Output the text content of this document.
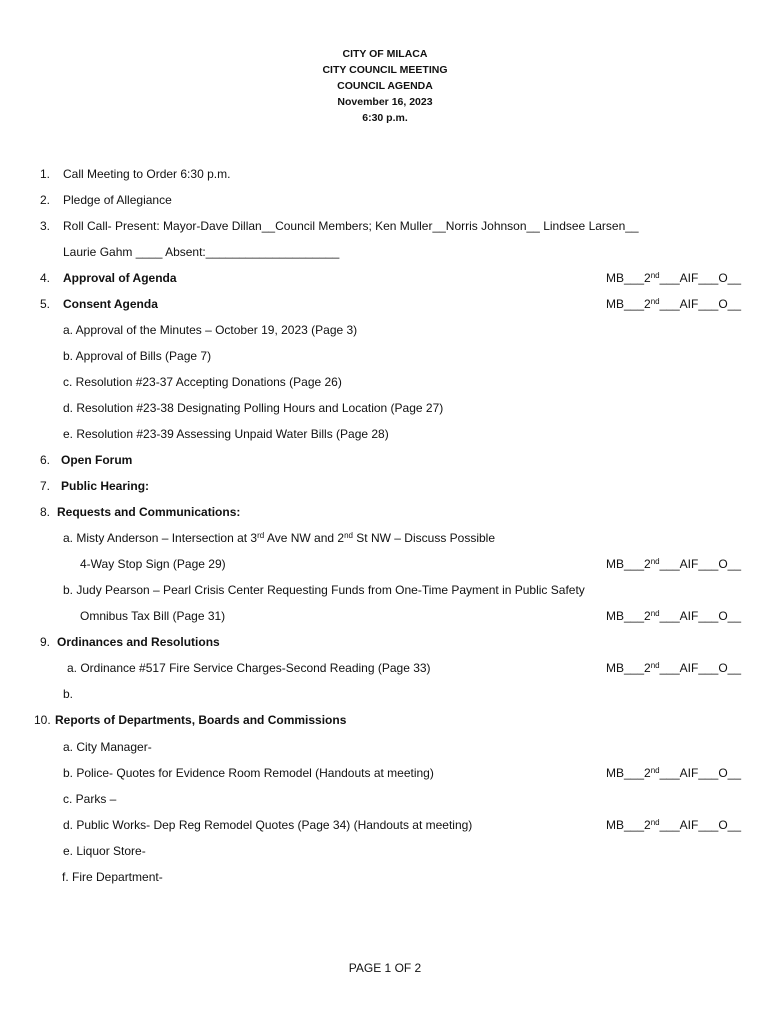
CITY OF MILACA
CITY COUNCIL MEETING
COUNCIL AGENDA
November 16, 2023
6:30 p.m.
1. Call Meeting to Order 6:30 p.m.
2. Pledge of Allegiance
3. Roll Call- Present: Mayor-Dave Dillan__Council Members; Ken Muller__Norris Johnson__ Lindsee Larsen__
Laurie Gahm ____ Absent:____________________
4. Approval of Agenda	MB___2nd___AIF___O__
5. Consent Agenda	MB___2nd___AIF___O__
a. Approval of the Minutes – October 19, 2023 (Page 3)
b. Approval of Bills (Page 7)
c. Resolution #23-37 Accepting Donations (Page 26)
d. Resolution #23-38 Designating Polling Hours and Location (Page 27)
e. Resolution #23-39 Assessing Unpaid Water Bills (Page 28)
6. Open Forum
7. Public Hearing:
8. Requests and Communications:
a. Misty Anderson – Intersection at 3rd Ave NW and 2nd St NW – Discuss Possible
4-Way Stop Sign (Page 29)	MB___2nd___AIF___O__
b. Judy Pearson – Pearl Crisis Center Requesting Funds from One-Time Payment in Public Safety
Omnibus Tax Bill (Page 31)	MB___2nd___AIF___O__
9. Ordinances and Resolutions
a. Ordinance #517 Fire Service Charges-Second Reading (Page 33)	MB___2nd___AIF___O__
b.
10. Reports of Departments, Boards and Commissions
a. City Manager-
b. Police- Quotes for Evidence Room Remodel (Handouts at meeting)	MB___2nd___AIF___O__
c. Parks –
d. Public Works- Dep Reg Remodel Quotes (Page 34) (Handouts at meeting)	MB___2nd___AIF___O__
e. Liquor Store-
f. Fire Department-
PAGE 1 OF 2
